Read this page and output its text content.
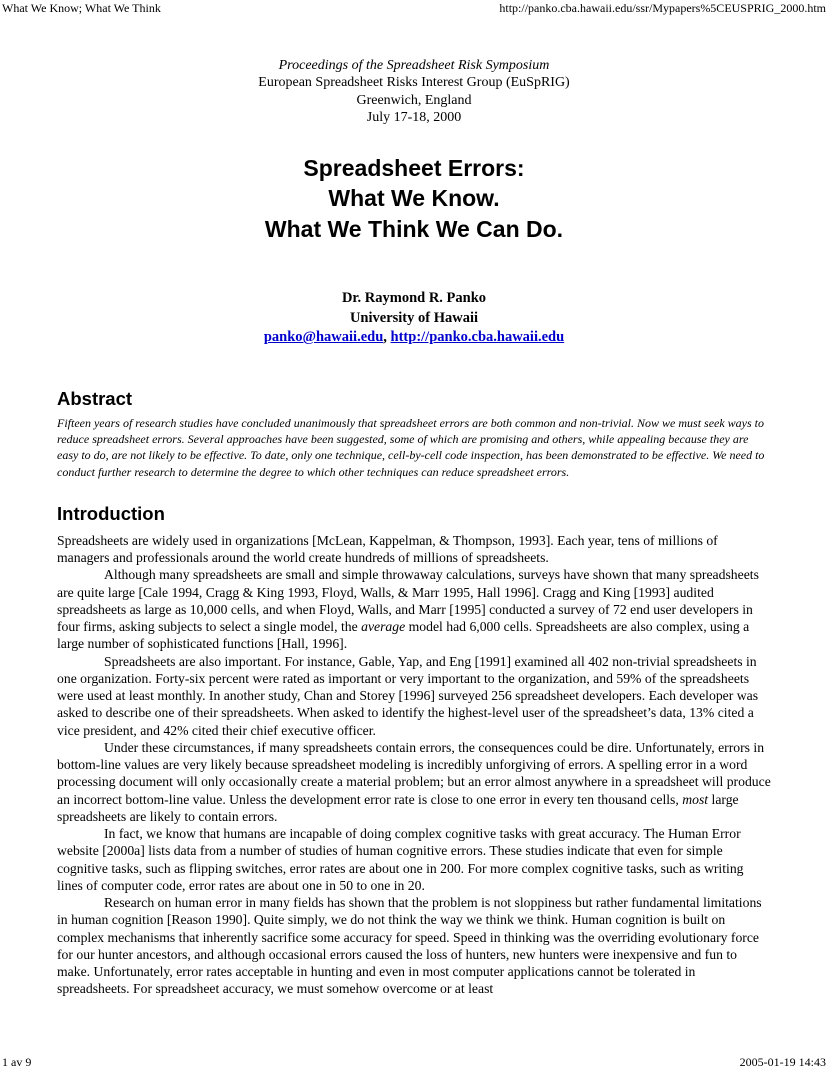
What We Know; What We Think	http://panko.cba.hawaii.edu/ssr/Mypapers%5CEUSPRIG_2000.htm
Proceedings of the Spreadsheet Risk Symposium
European Spreadsheet Risks Interest Group (EuSpRIG)
Greenwich, England
July 17-18, 2000
Spreadsheet Errors:
What We Know.
What We Think We Can Do.
Dr. Raymond R. Panko
University of Hawaii
panko@hawaii.edu, http://panko.cba.hawaii.edu
Abstract
Fifteen years of research studies have concluded unanimously that spreadsheet errors are both common and non-trivial. Now we must seek ways to reduce spreadsheet errors. Several approaches have been suggested, some of which are promising and others, while appealing because they are easy to do, are not likely to be effective. To date, only one technique, cell-by-cell code inspection, has been demonstrated to be effective. We need to conduct further research to determine the degree to which other techniques can reduce spreadsheet errors.
Introduction

Spreadsheets are widely used in organizations [McLean, Kappelman, & Thompson, 1993]. Each year, tens of millions of managers and professionals around the world create hundreds of millions of spreadsheets.

Although many spreadsheets are small and simple throwaway calculations, surveys have shown that many spreadsheets are quite large [Cale 1994, Cragg & King 1993, Floyd, Walls, & Marr 1995, Hall 1996]. Cragg and King [1993] audited spreadsheets as large as 10,000 cells, and when Floyd, Walls, and Marr [1995] conducted a survey of 72 end user developers in four firms, asking subjects to select a single model, the average model had 6,000 cells. Spreadsheets are also complex, using a large number of sophisticated functions [Hall, 1996].

Spreadsheets are also important. For instance, Gable, Yap, and Eng [1991] examined all 402 non-trivial spreadsheets in one organization. Forty-six percent were rated as important or very important to the organization, and 59% of the spreadsheets were used at least monthly. In another study, Chan and Storey [1996] surveyed 256 spreadsheet developers. Each developer was asked to describe one of their spreadsheets. When asked to identify the highest-level user of the spreadsheet’s data, 13% cited a vice president, and 42% cited their chief executive officer.

Under these circumstances, if many spreadsheets contain errors, the consequences could be dire. Unfortunately, errors in bottom-line values are very likely because spreadsheet modeling is incredibly unforgiving of errors. A spelling error in a word processing document will only occasionally create a material problem; but an error almost anywhere in a spreadsheet will produce an incorrect bottom-line value. Unless the development error rate is close to one error in every ten thousand cells, most large spreadsheets are likely to contain errors.

In fact, we know that humans are incapable of doing complex cognitive tasks with great accuracy. The Human Error website [2000a] lists data from a number of studies of human cognitive errors. These studies indicate that even for simple cognitive tasks, such as flipping switches, error rates are about one in 200. For more complex cognitive tasks, such as writing lines of computer code, error rates are about one in 50 to one in 20.

Research on human error in many fields has shown that the problem is not sloppiness but rather fundamental limitations in human cognition [Reason 1990]. Quite simply, we do not think the way we think we think. Human cognition is built on complex mechanisms that inherently sacrifice some accuracy for speed. Speed in thinking was the overriding evolutionary force for our hunter ancestors, and although occasional errors caused the loss of hunters, new hunters were inexpensive and fun to make. Unfortunately, error rates acceptable in hunting and even in most computer applications cannot be tolerated in spreadsheets. For spreadsheet accuracy, we must somehow overcome or at least

1 av 9	2005-01-19 14:43
